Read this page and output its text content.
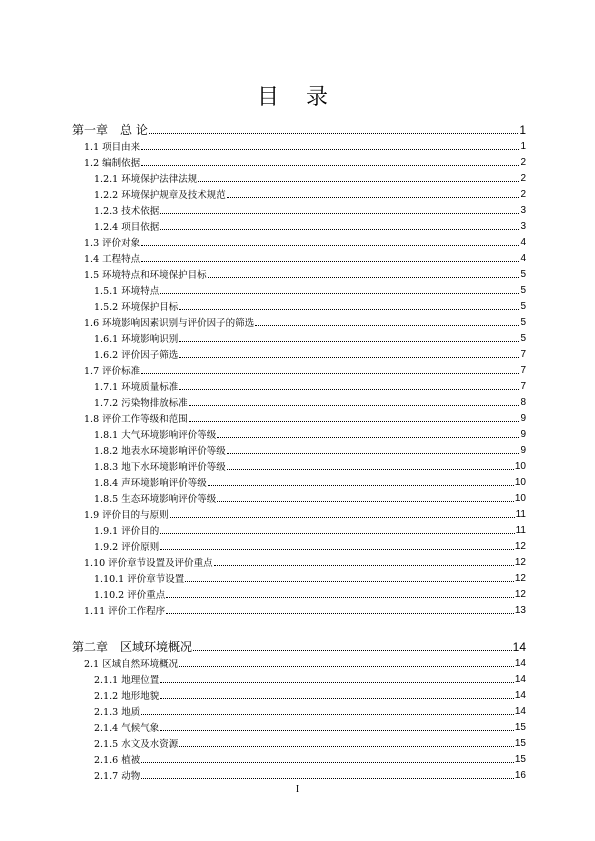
目 录
第一章　总 论	1
1.1 项目由来	1
1.2 编制依据	2
1.2.1 环境保护法律法规	2
1.2.2 环境保护规章及技术规范	2
1.2.3 技术依据	3
1.2.4 项目依据	3
1.3 评价对象	4
1.4 工程特点	4
1.5 环境特点和环境保护目标	5
1.5.1 环境特点	5
1.5.2 环境保护目标	5
1.6 环境影响因素识别与评价因子的筛选	5
1.6.1 环境影响识别	5
1.6.2 评价因子筛选	7
1.7 评价标准	7
1.7.1 环境质量标准	7
1.7.2 污染物排放标准	8
1.8 评价工作等级和范围	9
1.8.1 大气环境影响评价等级	9
1.8.2 地表水环境影响评价等级	9
1.8.3 地下水环境影响评价等级	10
1.8.4 声环境影响评价等级	10
1.8.5 生态环境影响评价等级	10
1.9 评价目的与原则	11
1.9.1 评价目的	11
1.9.2 评价原则	12
1.10 评价章节设置及评价重点	12
1.10.1 评价章节设置	12
1.10.2 评价重点	12
1.11 评价工作程序	13
第二章　区域环境概况	14
2.1 区域自然环境概况	14
2.1.1 地理位置	14
2.1.2 地形地貌	14
2.1.3 地质	14
2.1.4 气候气象	15
2.1.5 水文及水资源	15
2.1.6 植被	15
2.1.7 动物	16
I
